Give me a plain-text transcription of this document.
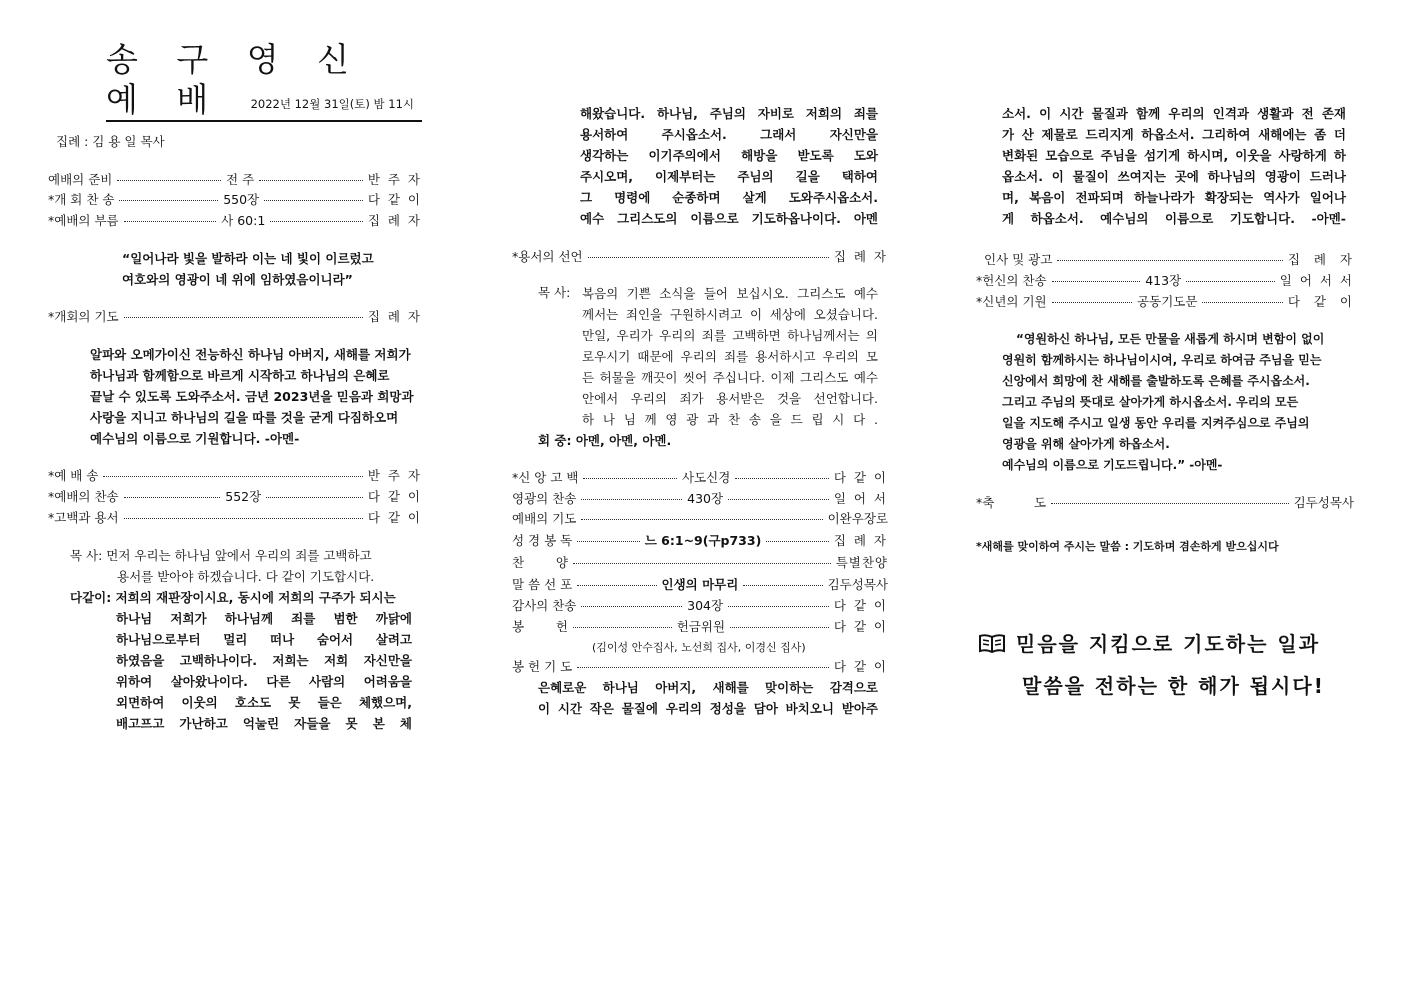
송 구 영 신 예 배	2022년 12월 31일(토) 밤 11시
집례 : 김 용 일 목사
예배의 준비	전 주	반 주 자
*개 회 찬 송	550장	다 같 이
*예배의 부름	사 60:1	집 례 자
“일어나라 빛을 발하라 이는 네 빛이 이르렀고
여호와의 영광이 네 위에 임하였음이니라”
*개회의 기도	집 례 자
알파와 오메가이신 전능하신 하나님 아버지, 새해를 저희가
하나님과 함께함으로 바르게 시작하고 하나님의 은혜로
끝날 수 있도록 도와주소서. 금년 2023년을 믿음과 희망과
사랑을 지니고 하나님의 길을 따를 것을 굳게 다짐하오며
예수님의 이름으로 기원합니다. -아멘-
*예 배 송	반 주 자
*예배의 찬송	552장	다 같 이
*고백과 용서	다 같 이
목 사: 먼저 우리는 하나님 앞에서 우리의 죄를 고백하고
용서를 받아야 하겠습니다. 다 같이 기도합시다.
다같이: 저희의 재판장이시요, 동시에 저희의 구주가 되시는
하나님 저희가 하나님께 죄를 범한 까닭에
하나님으로부터 멀리 떠나 숨어서 살려고
하였음을 고백하나이다. 저희는 저희 자신만을
위하여 살아왔나이다. 다른 사람의 어려움을
외면하여 이웃의 호소도 못 들은 체했으며,
배고프고 가난하고 억눌린 자들을 못 본 체
해왔습니다. 하나님, 주님의 자비로 저희의 죄를
용서하여 주시옵소서. 그래서 자신만을
생각하는 이기주의에서 해방을 받도록 도와
주시오며, 이제부터는 주님의 길을 택하여
그 명령에 순종하며 살게 도와주시옵소서.
예수 그리스도의 이름으로 기도하옵나이다. 아멘
*용서의 선언	집 례 자
목 사: 복음의 기쁜 소식을 들어 보십시오. 그리스도 예수
께서는 죄인을 구원하시려고 이 세상에 오셨습니다.
만일, 우리가 우리의 죄를 고백하면 하나님께서는 의
로우시기 때문에 우리의 죄를 용서하시고 우리의 모
든 허물을 깨끗이 씻어 주십니다. 이제 그리스도 예수
안에서 우리의 죄가 용서받은 것을 선언합니다.
하 나 님 께 영 광 과 찬 송 을 드 립 시 다 .
회 중: 아멘, 아멘, 아멘.
*신 앙 고 백	사도신경	다 같 이
영광의 찬송	430장	일 어 서
예배의 기도	이완우장로
성 경 봉 독	느 6:1~9(구p733)	집 례 자
찬        양	특별찬양
말 씀 선 포	인생의 마무리	김두성목사
감사의 찬송	304장	다 같 이
봉        헌	헌금위원	다 같 이
(김이성 안수집사, 노선희 집사, 이경신 집사)
봉 헌 기 도	다 같 이
은혜로운 하나님 아버지, 새해를 맞이하는 감격으로
이 시간 작은 물질에 우리의 정성을 담아 바치오니 받아주
소서. 이 시간 물질과 함께 우리의 인격과 생활과 전 존재
가 산 제물로 드리지게 하옵소서. 그리하여 새해에는 좀 더
변화된 모습으로 주님을 섬기게 하시며, 이웃을 사랑하게 하
옵소서. 이 물질이 쓰여지는 곳에 하나님의 영광이 드러나
며, 복음이 전파되며 하늘나라가 확장되는 역사가 일어나
게 하옵소서. 예수님의 이름으로 기도합니다. -아멘-
인사 및 광고	집  례  자
*헌신의 찬송	413장	일 어 서 서
*신년의 기원	공동기도문	다  같  이
“영원하신 하나님, 모든 만물을 새롭게 하시며 변함이 없이
영원히 함께하시는 하나님이시여, 우리로 하여금 주님을 믿는
신앙에서 희망에 찬 새해를 출발하도록 은혜를 주시옵소서.
그리고 주님의 뜻대로 살아가게 하시옵소서. 우리의 모든
일을 지도해 주시고 일생 동안 우리를 지켜주심으로 주님의
영광을 위해 살아가게 하옵소서.
예수님의 이름으로 기도드립니다.” -아멘-
*축          도	김두성목사
*새해를 맞이하여 주시는 말씀 : 기도하며 겸손하게 받으십시다
믿음을 지킴으로 기도하는 일과
말씀을 전하는 한 해가 됩시다!
